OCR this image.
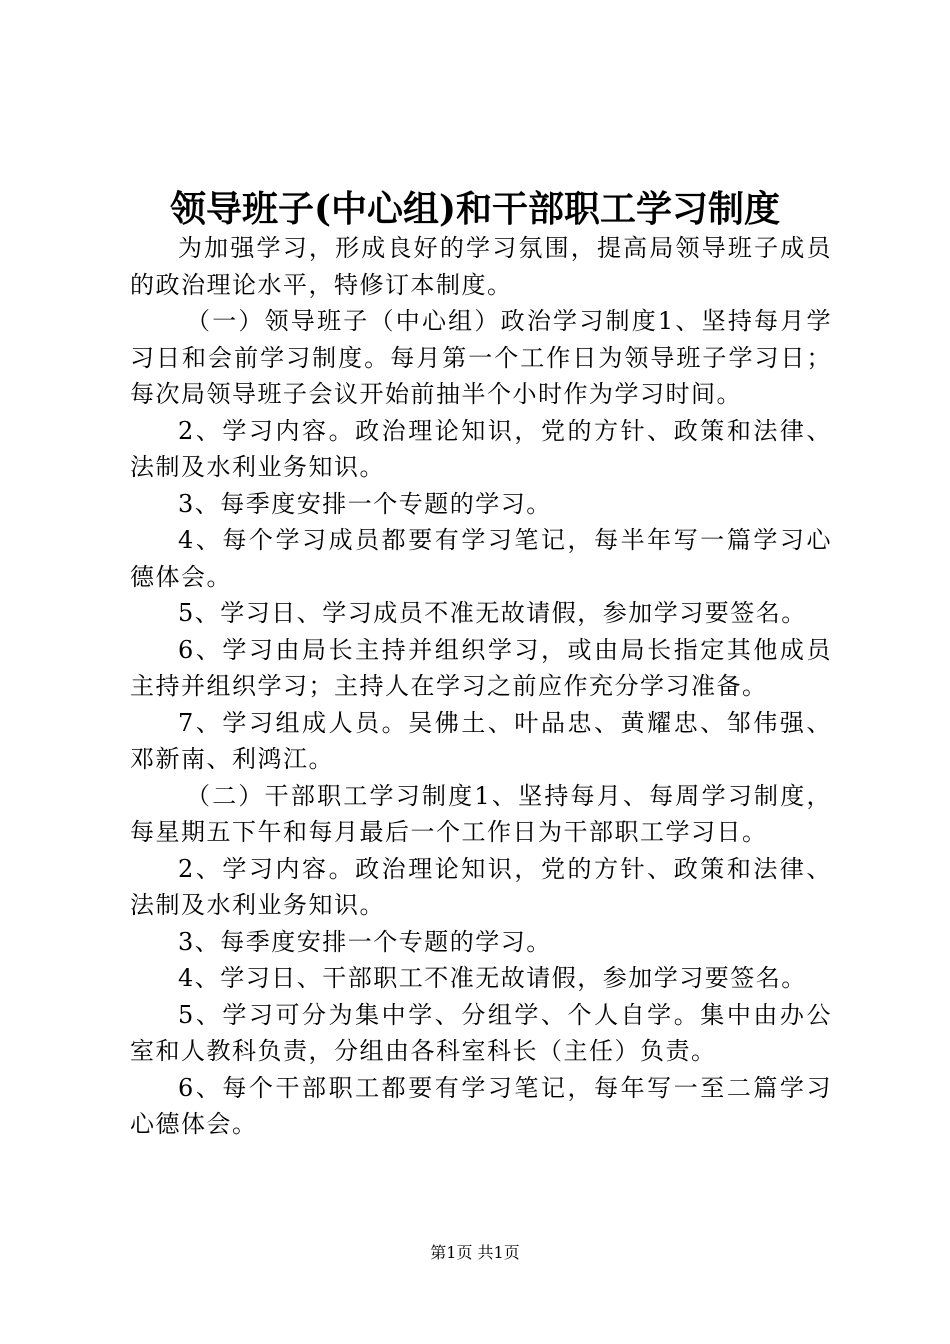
领导班子(中心组)和干部职工学习制度

为加强学习，形成良好的学习氛围，提高局领导班子成员的政治理论水平，特修订本制度。

（一）领导班子（中心组）政治学习制度1、坚持每月学习日和会前学习制度。每月第一个工作日为领导班子学习日；每次局领导班子会议开始前抽半个小时作为学习时间。

2、学习内容。政治理论知识，党的方针、政策和法律、法制及水利业务知识。

3、每季度安排一个专题的学习。

4、每个学习成员都要有学习笔记，每半年写一篇学习心德体会。

5、学习日、学习成员不准无故请假，参加学习要签名。

6、学习由局长主持并组织学习，或由局长指定其他成员主持并组织学习；主持人在学习之前应作充分学习准备。

7、学习组成人员。吴佛土、叶品忠、黄耀忠、邹伟强、邓新南、利鸿江。

（二）干部职工学习制度1、坚持每月、每周学习制度，每星期五下午和每月最后一个工作日为干部职工学习日。

2、学习内容。政治理论知识，党的方针、政策和法律、法制及水利业务知识。

3、每季度安排一个专题的学习。

4、学习日、干部职工不准无故请假，参加学习要签名。

5、学习可分为集中学、分组学、个人自学。集中由办公室和人教科负责，分组由各科室科长（主任）负责。

6、每个干部职工都要有学习笔记，每年写一至二篇学习心德体会。

第1页 共1页
